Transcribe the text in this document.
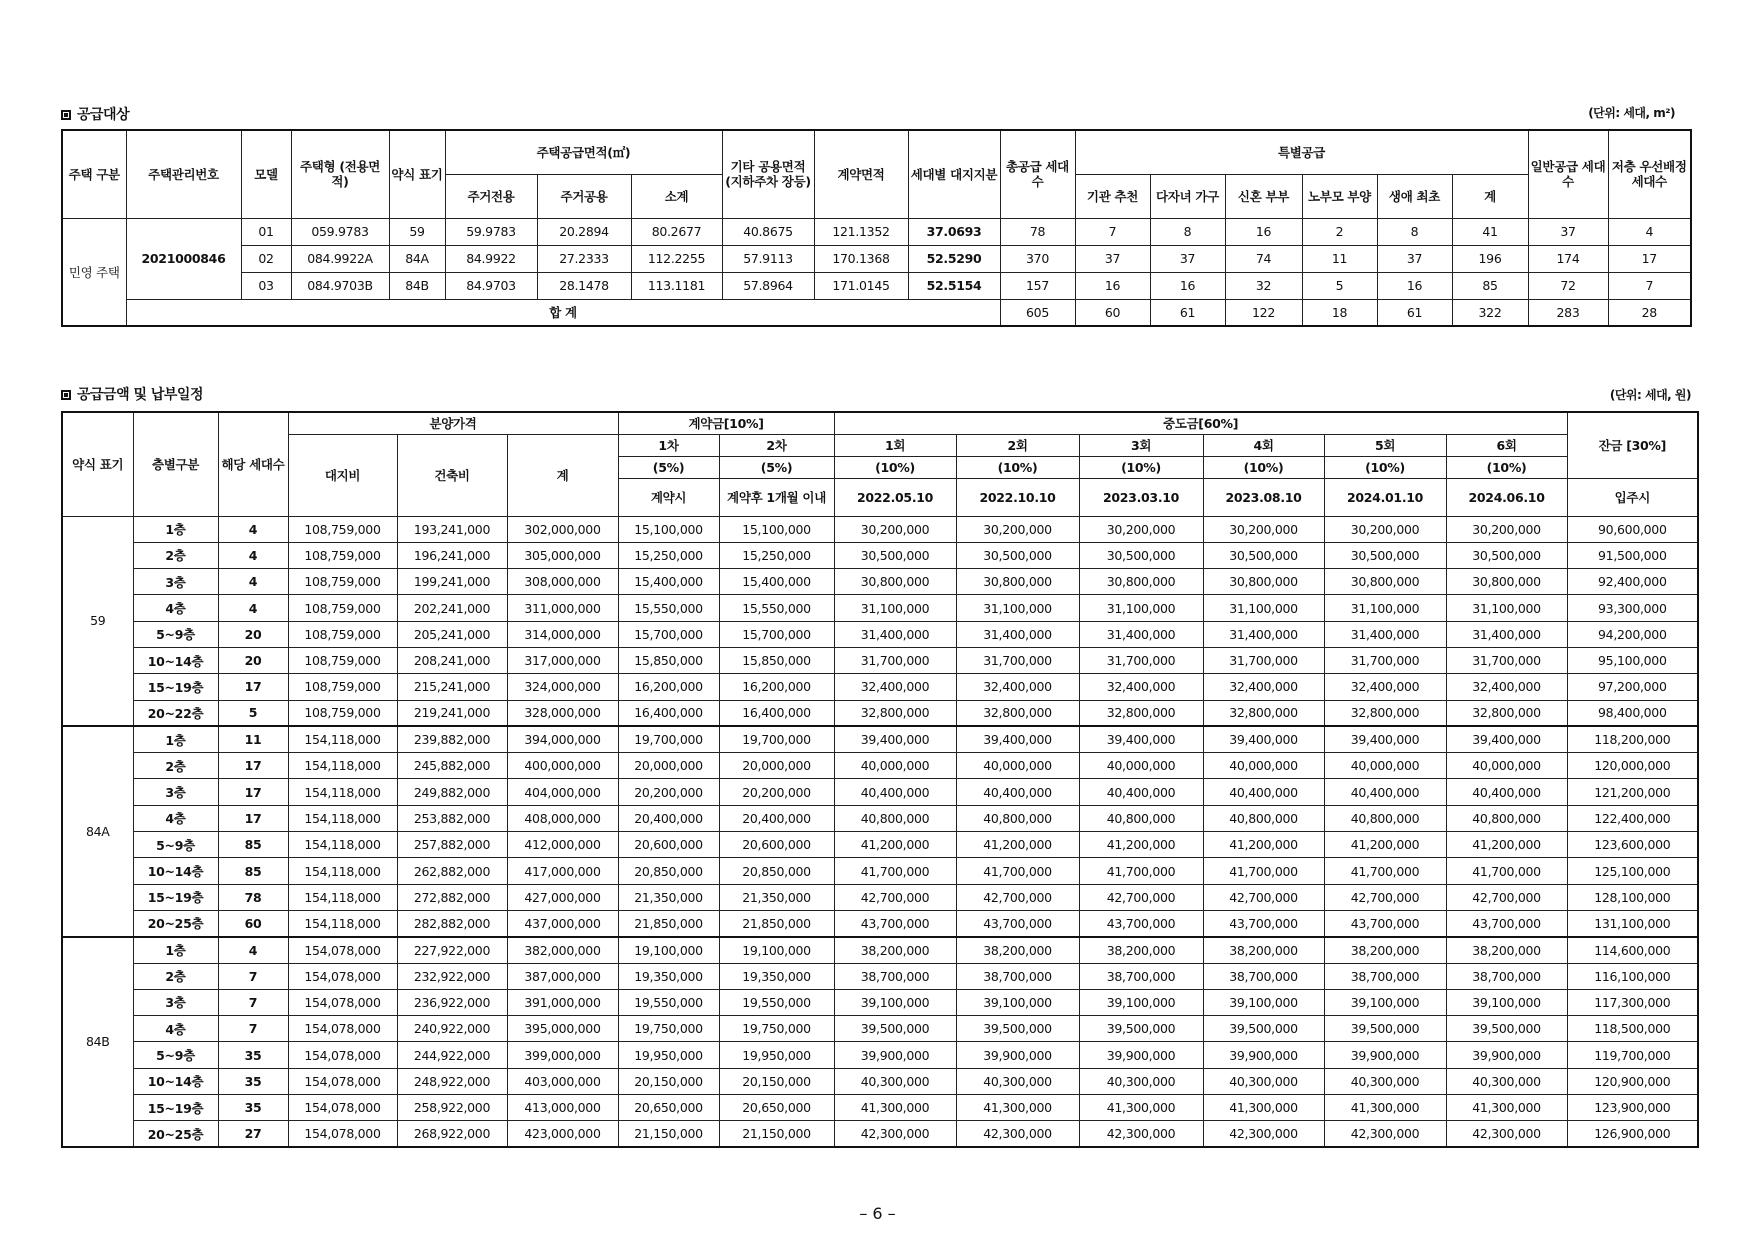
공급대상	(단위: 세대, m²)
주택 구분	주택관리번호	모델	주택형 (전용면적)	약식 표기	주택공급면적(㎡)			기타 공용면적 (지하주차 장등)	계약면적	세대별 대지지분	총공급 세대수	특별공급						일반공급 세대수	저층 우선배정 세대수
					주거전용	주거공용	소계					기관 추천	다자녀 가구	신혼 부부	노부모 부양	생애 최초	계		
민영 주택	2021000846	01	059.9783	59	59.9783	20.2894	80.2677	40.8675	121.1352	37.0693	78	7	8	16	2	8	41	37	4
		02	084.9922A	84A	84.9922	27.2333	112.2255	57.9113	170.1368	52.5290	370	37	37	74	11	37	196	174	17
		03	084.9703B	84B	84.9703	28.1478	113.1181	57.8964	171.0145	52.5154	157	16	16	32	5	16	85	72	7
	합 계										605	60	61	122	18	61	322	283	28
공급금액 및 납부일정	(단위: 세대, 원)
약식 표기	층별구분	해당 세대수	분양가격			계약금[10%]		중도금[60%]						잔금 [30%]
			대지비	건축비	계	1차	2차	1회	2회	3회	4회	5회	6회	
						(5%)	(5%)	(10%)	(10%)	(10%)	(10%)	(10%)	(10%)	
						계약시	계약후 1개월 이내	2022.05.10	2022.10.10	2023.03.10	2023.08.10	2024.01.10	2024.06.10	입주시
59	1층	4	108,759,000	193,241,000	302,000,000	15,100,000	15,100,000	30,200,000	30,200,000	30,200,000	30,200,000	30,200,000	30,200,000	90,600,000
	2층	4	108,759,000	196,241,000	305,000,000	15,250,000	15,250,000	30,500,000	30,500,000	30,500,000	30,500,000	30,500,000	30,500,000	91,500,000
	3층	4	108,759,000	199,241,000	308,000,000	15,400,000	15,400,000	30,800,000	30,800,000	30,800,000	30,800,000	30,800,000	30,800,000	92,400,000
	4층	4	108,759,000	202,241,000	311,000,000	15,550,000	15,550,000	31,100,000	31,100,000	31,100,000	31,100,000	31,100,000	31,100,000	93,300,000
	5~9층	20	108,759,000	205,241,000	314,000,000	15,700,000	15,700,000	31,400,000	31,400,000	31,400,000	31,400,000	31,400,000	31,400,000	94,200,000
	10~14층	20	108,759,000	208,241,000	317,000,000	15,850,000	15,850,000	31,700,000	31,700,000	31,700,000	31,700,000	31,700,000	31,700,000	95,100,000
	15~19층	17	108,759,000	215,241,000	324,000,000	16,200,000	16,200,000	32,400,000	32,400,000	32,400,000	32,400,000	32,400,000	32,400,000	97,200,000
	20~22층	5	108,759,000	219,241,000	328,000,000	16,400,000	16,400,000	32,800,000	32,800,000	32,800,000	32,800,000	32,800,000	32,800,000	98,400,000
84A	1층	11	154,118,000	239,882,000	394,000,000	19,700,000	19,700,000	39,400,000	39,400,000	39,400,000	39,400,000	39,400,000	39,400,000	118,200,000
	2층	17	154,118,000	245,882,000	400,000,000	20,000,000	20,000,000	40,000,000	40,000,000	40,000,000	40,000,000	40,000,000	40,000,000	120,000,000
	3층	17	154,118,000	249,882,000	404,000,000	20,200,000	20,200,000	40,400,000	40,400,000	40,400,000	40,400,000	40,400,000	40,400,000	121,200,000
	4층	17	154,118,000	253,882,000	408,000,000	20,400,000	20,400,000	40,800,000	40,800,000	40,800,000	40,800,000	40,800,000	40,800,000	122,400,000
	5~9층	85	154,118,000	257,882,000	412,000,000	20,600,000	20,600,000	41,200,000	41,200,000	41,200,000	41,200,000	41,200,000	41,200,000	123,600,000
	10~14층	85	154,118,000	262,882,000	417,000,000	20,850,000	20,850,000	41,700,000	41,700,000	41,700,000	41,700,000	41,700,000	41,700,000	125,100,000
	15~19층	78	154,118,000	272,882,000	427,000,000	21,350,000	21,350,000	42,700,000	42,700,000	42,700,000	42,700,000	42,700,000	42,700,000	128,100,000
	20~25층	60	154,118,000	282,882,000	437,000,000	21,850,000	21,850,000	43,700,000	43,700,000	43,700,000	43,700,000	43,700,000	43,700,000	131,100,000
84B	1층	4	154,078,000	227,922,000	382,000,000	19,100,000	19,100,000	38,200,000	38,200,000	38,200,000	38,200,000	38,200,000	38,200,000	114,600,000
	2층	7	154,078,000	232,922,000	387,000,000	19,350,000	19,350,000	38,700,000	38,700,000	38,700,000	38,700,000	38,700,000	38,700,000	116,100,000
	3층	7	154,078,000	236,922,000	391,000,000	19,550,000	19,550,000	39,100,000	39,100,000	39,100,000	39,100,000	39,100,000	39,100,000	117,300,000
	4층	7	154,078,000	240,922,000	395,000,000	19,750,000	19,750,000	39,500,000	39,500,000	39,500,000	39,500,000	39,500,000	39,500,000	118,500,000
	5~9층	35	154,078,000	244,922,000	399,000,000	19,950,000	19,950,000	39,900,000	39,900,000	39,900,000	39,900,000	39,900,000	39,900,000	119,700,000
	10~14층	35	154,078,000	248,922,000	403,000,000	20,150,000	20,150,000	40,300,000	40,300,000	40,300,000	40,300,000	40,300,000	40,300,000	120,900,000
	15~19층	35	154,078,000	258,922,000	413,000,000	20,650,000	20,650,000	41,300,000	41,300,000	41,300,000	41,300,000	41,300,000	41,300,000	123,900,000
	20~25층	27	154,078,000	268,922,000	423,000,000	21,150,000	21,150,000	42,300,000	42,300,000	42,300,000	42,300,000	42,300,000	42,300,000	126,900,000
– 6 –
